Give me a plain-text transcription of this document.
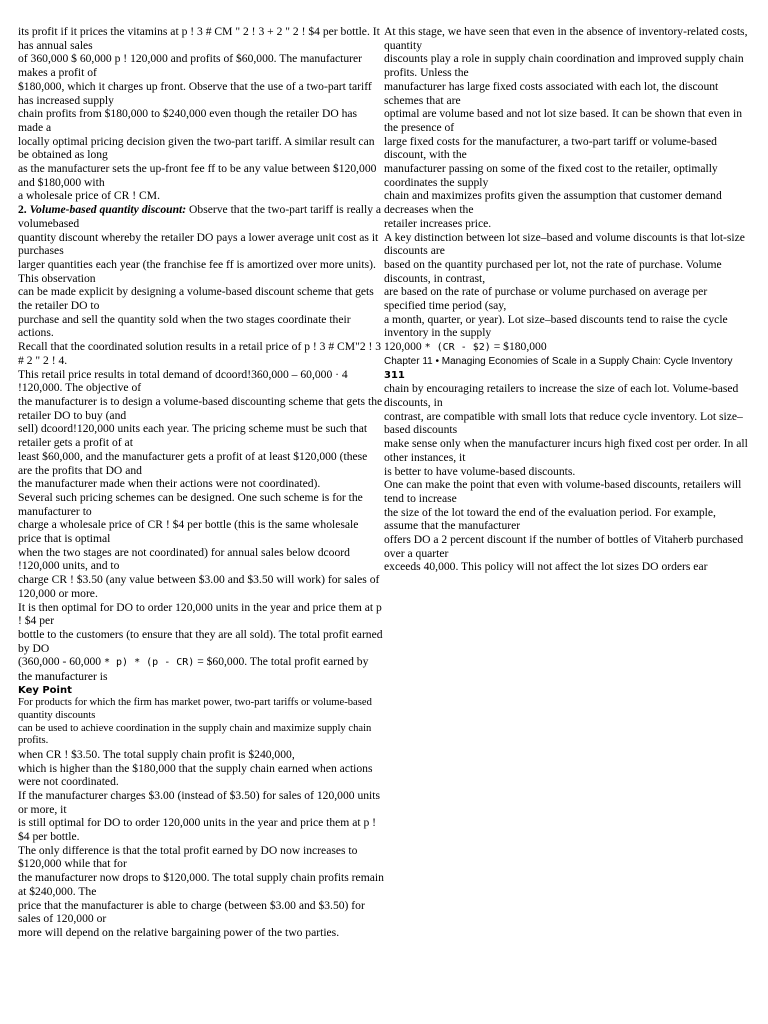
its profit if it prices the vitamins at p ! 3 # CM " 2 ! 3 + 2 " 2 ! $4 per bottle. It has annual sales

of 360,000 $ 60,000 p ! 120,000 and profits of $60,000. The manufacturer makes a profit of

$180,000, which it charges up front. Observe that the use of a two-part tariff has increased supply

chain profits from $180,000 to $240,000 even though the retailer DO has made a

locally optimal pricing decision given the two-part tariff. A similar result can be obtained as long

as the manufacturer sets the up-front fee ff to be any value between $120,000 and $180,000 with

a wholesale price of CR ! CM.

2. Volume-based quantity discount: Observe that the two-part tariff is really a volumebased

quantity discount whereby the retailer DO pays a lower average unit cost as it purchases

larger quantities each year (the franchise fee ff is amortized over more units). This observation

can be made explicit by designing a volume-based discount scheme that gets the retailer DO to

purchase and sell the quantity sold when the two stages coordinate their actions.

Recall that the coordinated solution results in a retail price of p ! 3 # CM"2 ! 3 # 2 " 2 ! 4.

This retail price results in total demand of dcoord!360,000 – 60,000 · 4 !120,000. The objective of

the manufacturer is to design a volume-based discounting scheme that gets the retailer DO to buy (and

sell) dcoord!120,000 units each year. The pricing scheme must be such that retailer gets a profit of at

least $60,000, and the manufacturer gets a profit of at least $120,000 (these are the profits that DO and

the manufacturer made when their actions were not coordinated).

Several such pricing schemes can be designed. One such scheme is for the manufacturer to

charge a wholesale price of CR ! $4 per bottle (this is the same wholesale price that is optimal

when the two stages are not coordinated) for annual sales below dcoord !120,000 units, and to

charge CR ! $3.50 (any value between $3.00 and $3.50 will work) for sales of 120,000 or more.

It is then optimal for DO to order 120,000 units in the year and price them at p ! $4 per

bottle to the customers (to ensure that they are all sold). The total profit earned by DO

(360,000 - 60,000 * p) * (p - CR) = $60,000. The total profit earned by the manufacturer is

Key Point

For products for which the firm has market power, two-part tariffs or volume-based quantity discounts

can be used to achieve coordination in the supply chain and maximize supply chain profits.

when CR ! $3.50. The total supply chain profit is $240,000,

which is higher than the $180,000 that the supply chain earned when actions were not coordinated.

If the manufacturer charges $3.00 (instead of $3.50) for sales of 120,000 units or more, it

is still optimal for DO to order 120,000 units in the year and price them at p ! $4 per bottle.

The only difference is that the total profit earned by DO now increases to $120,000 while that for

the manufacturer now drops to $120,000. The total supply chain profits remain at $240,000. The

price that the manufacturer is able to charge (between $3.00 and $3.50) for sales of 120,000 or

more will depend on the relative bargaining power of the two parties.

At this stage, we have seen that even in the absence of inventory-related costs, quantity

discounts play a role in supply chain coordination and improved supply chain profits. Unless the

manufacturer has large fixed costs associated with each lot, the discount schemes that are

optimal are volume based and not lot size based. It can be shown that even in the presence of

large fixed costs for the manufacturer, a two-part tariff or volume-based discount, with the

manufacturer passing on some of the fixed cost to the retailer, optimally coordinates the supply

chain and maximizes profits given the assumption that customer demand decreases when the

retailer increases price.

A key distinction between lot size–based and volume discounts is that lot-size discounts are

based on the quantity purchased per lot, not the rate of purchase. Volume discounts, in contrast,

are based on the rate of purchase or volume purchased on average per specified time period (say,

a month, quarter, or year). Lot size–based discounts tend to raise the cycle inventory in the supply

120,000 * (CR - $2) = $180,000

Chapter 11 • Managing Economies of Scale in a Supply Chain: Cycle Inventory 311

chain by encouraging retailers to increase the size of each lot. Volume-based discounts, in

contrast, are compatible with small lots that reduce cycle inventory. Lot size–based discounts

make sense only when the manufacturer incurs high fixed cost per order. In all other instances, it

is better to have volume-based discounts.

One can make the point that even with volume-based discounts, retailers will tend to increase

the size of the lot toward the end of the evaluation period. For example, assume that the manufacturer

offers DO a 2 percent discount if the number of bottles of Vitaherb purchased over a quarter

exceeds 40,000. This policy will not affect the lot sizes DO orders ear
